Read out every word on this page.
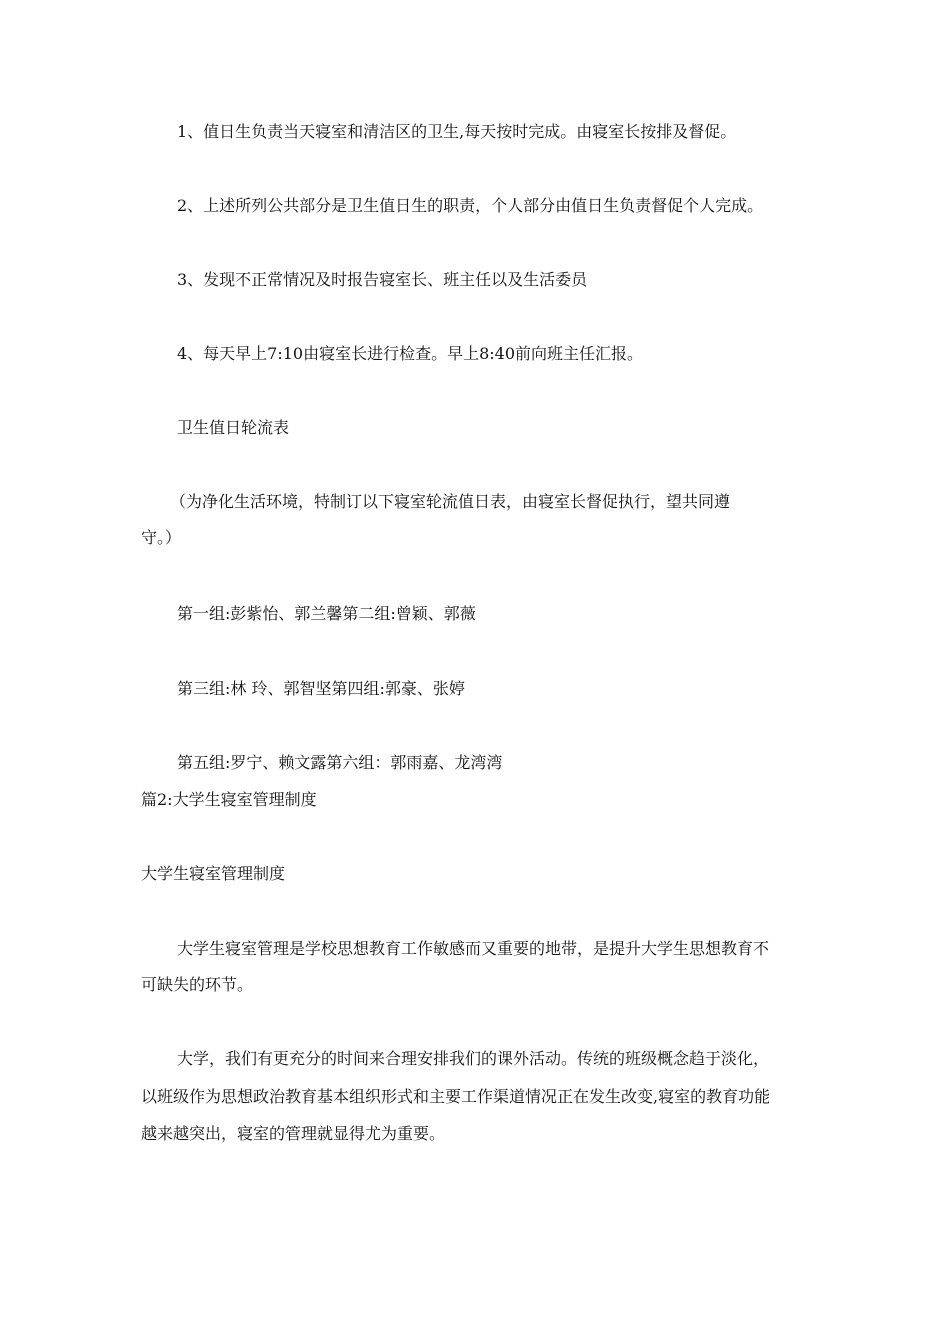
1、值日生负责当天寝室和清洁区的卫生,每天按时完成。由寝室长按排及督促。
2、上述所列公共部分是卫生值日生的职责，个人部分由值日生负责督促个人完成。
3、发现不正常情况及时报告寝室长、班主任以及生活委员
4、每天早上7:10由寝室长进行检查。早上8:40前向班主任汇报。
卫生值日轮流表
（为净化生活环境，特制订以下寝室轮流值日表，由寝室长督促执行，望共同遵
守。）
第一组:彭紫怡、郭兰馨第二组:曾颖、郭薇
第三组:林 玲、郭智坚第四组:郭豪、张婷
第五组:罗宁、赖文露第六组：郭雨嘉、龙湾湾
篇2:大学生寝室管理制度
大学生寝室管理制度
大学生寝室管理是学校思想教育工作敏感而又重要的地带，是提升大学生思想教育不
可缺失的环节。
大学，我们有更充分的时间来合理安排我们的课外活动。传统的班级概念趋于淡化，
以班级作为思想政治教育基本组织形式和主要工作渠道情况正在发生改变,寝室的教育功能
越来越突出，寝室的管理就显得尤为重要。
